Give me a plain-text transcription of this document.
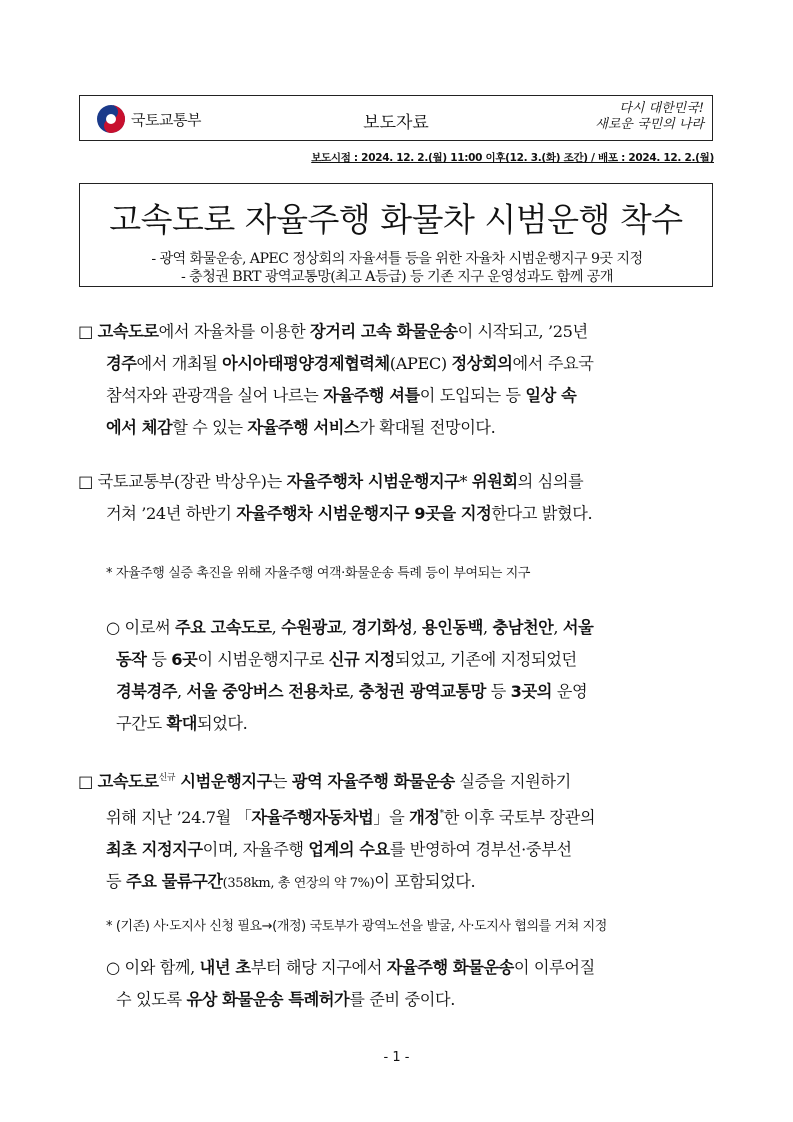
국토교통부	보도자료
다시 대한민국!
새로운 국민의 나라
보도시점 : 2024. 12. 2.(월) 11:00 이후(12. 3.(화) 조간) / 배포 : 2024. 12. 2.(월)
고속도로 자율주행 화물차 시범운행 착수
- 광역 화물운송, APEC 정상회의 자율셔틀 등을 위한 자율차 시범운행지구 9곳 지정
- 충청권 BRT 광역교통망(최고 A등급) 등 기존 지구 운영성과도 함께 공개
□ 고속도로에서 자율차를 이용한 장거리 고속 화물운송이 시작되고, ’25년
경주에서 개최될 아시아태평양경제협력체(APEC) 정상회의에서 주요국
참석자와 관광객을 실어 나르는 자율주행 셔틀이 도입되는 등 일상 속
에서 체감할 수 있는 자율주행 서비스가 확대될 전망이다.
□ 국토교통부(장관 박상우)는 자율주행차 시범운행지구* 위원회의 심의를
거쳐 ’24년 하반기 자율주행차 시범운행지구 9곳을 지정한다고 밝혔다.
* 자율주행 실증 촉진을 위해 자율주행 여객·화물운송 특례 등이 부여되는 지구
○ 이로써 주요 고속도로, 수원광교, 경기화성, 용인동백, 충남천안, 서울
동작 등 6곳이 시범운행지구로 신규 지정되었고, 기존에 지정되었던
경북경주, 서울 중앙버스 전용차로, 충청권 광역교통망 등 3곳의 운영
구간도 확대되었다.
□ 고속도로$^{신규}$ 시범운행지구는 광역 자율주행 화물운송 실증을 지원하기
위해 지난 ’24.7월 「자율주행자동차법」을 개정*한 이후 국토부 장관의
최초 지정지구이며, 자율주행 업계의 수요를 반영하여 경부선·중부선
등 주요 물류구간(358km, 총 연장의 약 7%)이 포함되었다.
* (기존) 사·도지사 신청 필요→(개정) 국토부가 광역노선을 발굴, 사·도지사 협의를 거쳐 지정
○ 이와 함께, 내년 초부터 해당 지구에서 자율주행 화물운송이 이루어질
수 있도록 유상 화물운송 특례허가를 준비 중이다.
- 1 -
